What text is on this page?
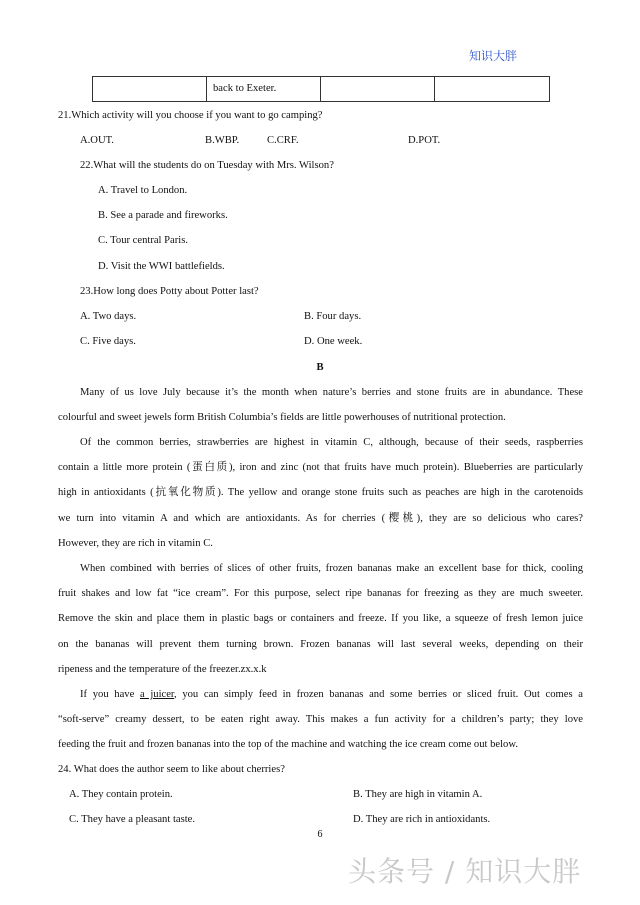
知识大胖
	back to Exeter.		
21.Which activity will you choose if you want to go camping?
A.OUT.	B.WBP.	C.CRF.	D.POT.
22.What will the students do on Tuesday with Mrs. Wilson?
A. Travel to London.
B. See a parade and fireworks.
C. Tour central Paris.
D. Visit the WWI battlefields.
23.How long does Potty about Potter last?
A. Two days.	B. Four days.
C. Five days.	D. One week.
B
Many of us love July because it’s the month when nature’s berries and stone fruits are in abundance. These
colourful and sweet jewels form British Columbia’s fields are little powerhouses of nutritional protection.
Of the common berries, strawberries are highest in vitamin C, although, because of their seeds, raspberries
contain a little more protein (蛋白质), iron and zinc (not that fruits have much protein). Blueberries are particularly
high in antioxidants (抗氧化物质). The yellow and orange stone fruits such as peaches are high in the carotenoids
we turn into vitamin A and which are antioxidants. As for cherries (樱桃), they are so delicious who cares?
However, they are rich in vitamin C.
When combined with berries of slices of other fruits, frozen bananas make an excellent base for thick, cooling
fruit shakes and low fat “ice cream”. For this purpose, select ripe bananas for freezing as they are much sweeter.
Remove the skin and place them in plastic bags or containers and freeze. If you like, a squeeze of fresh lemon juice
on the bananas will prevent them turning brown. Frozen bananas will last several weeks, depending on their
ripeness and the temperature of the freezer.zx.x.k
If you have a juicer, you can simply feed in frozen bananas and some berries or sliced fruit. Out comes a
“soft-serve” creamy dessert, to be eaten right away. This makes a fun activity for a children’s party; they love
feeding the fruit and frozen bananas into the top of the machine and watching the ice cream come out below.
24. What does the author seem to like about cherries?
A. They contain protein.	B. They are high in vitamin A.
C. They have a pleasant taste.	D. They are rich in antioxidants.
6
头条号 / 知识大胖
